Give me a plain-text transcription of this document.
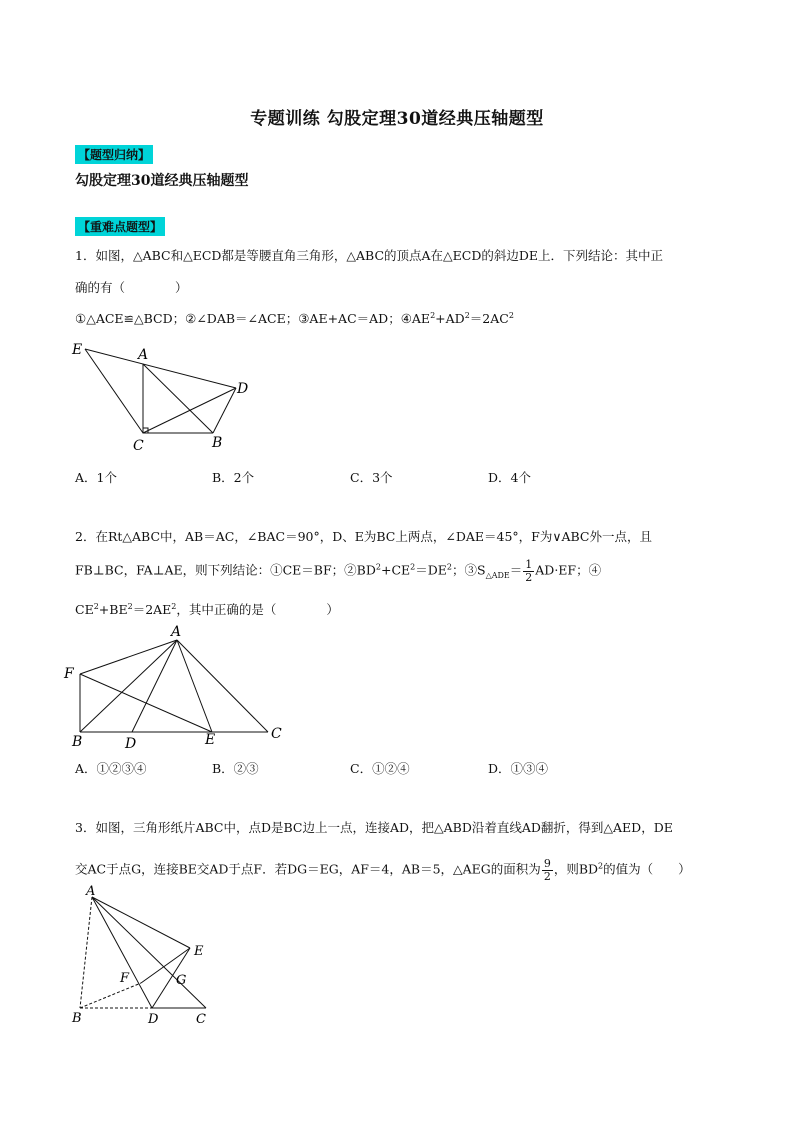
专题训练 勾股定理30道经典压轴题型
【题型归纳】
勾股定理30道经典压轴题型
【重难点题型】
1．如图，△ABC和△ECD都是等腰直角三角形，△ABC的顶点A在△ECD的斜边DE上．下列结论：其中正
确的有（　　　　）
①△ACE≌△BCD；②∠DAB＝∠ACE；③AE+AC＝AD；$④AE^2+AD^2=2AC^2$
E	A
D
C	B
A．1个	B．2个	C．3个	D．4个
2．在Rt△ABC中，AB＝AC，∠BAC＝90°，D、E为BC上两点，∠DAE＝45°，F为∨ABC外一点，且
FB⊥BC，FA⊥AE，则下列结论：①CE＝BF；$②BD^2+CE^2=DE^2$；$③S_{\triangle ADE}= \frac{1}{2} AD\cdot EF$；④
$CE^2+BE^2=2AE^2$，其中正确的是（　　　　）
A
F
B	D	E	C
A．①②③④	B．②③	C．①②④	D．①③④
3．如图，三角形纸片ABC中，点D是BC边上一点，连接AD，把△ABD沿着直线AD翻折，得到△AED，DE
交AC于点G，连接BE交AD于点F．若DG＝EG，AF＝4，AB＝5，△AEG的面积为 $\frac{9}{2}$ ，则$BD^2$的值为（　　）
A
E
F	G
B	D	C
